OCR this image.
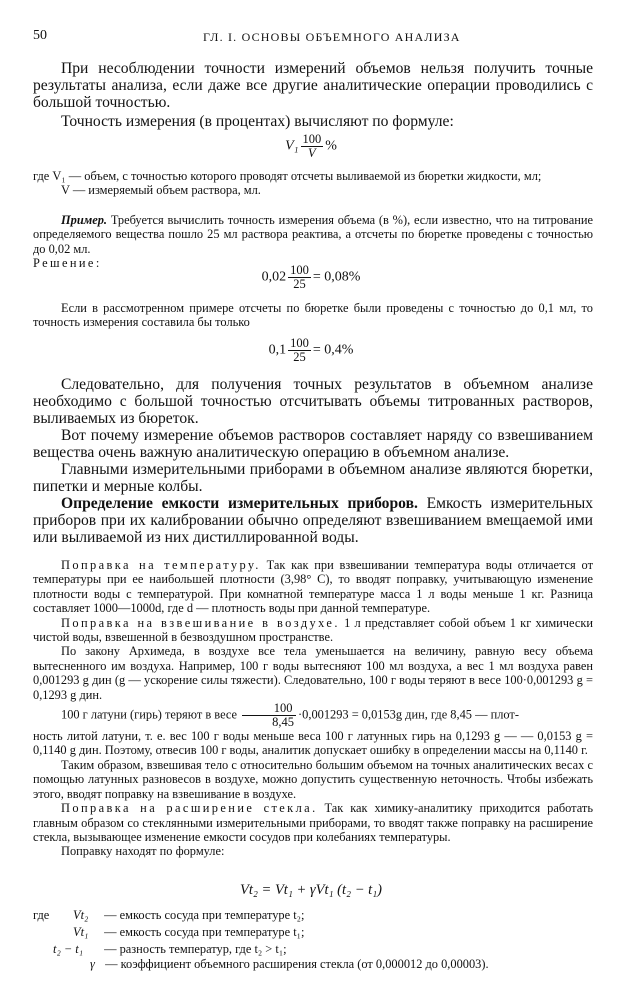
50	ГЛ. I. ОСНОВЫ ОБЪЕМНОГО АНАЛИЗА

При несоблюдении точности измерений объемов нельзя получить точные результаты анализа, если даже все другие аналитические операции проводились с большой точностью.

Точность измерения (в процентах) вычисляют по формуле:

$V_1 \frac{100}{V}$ %

где V₁ — объем, с точностью которого проводят отсчеты выливаемой из бюретки жидкости, мл;

V — измеряемый объем раствора, мл.

Пример. Требуется вычислить точность измерения объема (в %), если известно, что на титрование определяемого вещества пошло 25 мл раствора реактива, а отсчеты по бюретке проведены с точностью до 0,02 мл.

Решение:

$0,02 \frac{100}{25} = 0,08\%$

Если в рассмотренном примере отсчеты по бюретке были проведены с точностью до 0,1 мл, то точность измерения составила бы только

$0,1 \frac{100}{25} = 0,4\%$

Следовательно, для получения точных результатов в объемном анализе необходимо с большой точностью отсчитывать объемы титрованных растворов, выливаемых из бюреток.

Вот почему измерение объемов растворов составляет наряду со взвешиванием вещества очень важную аналитическую операцию в объемном анализе.

Главными измерительными приборами в объемном анализе являются бюретки, пипетки и мерные колбы.

Определение емкости измерительных приборов. Емкость измерительных приборов при их калибровании обычно определяют взвешиванием вмещаемой ими или выливаемой из них дистиллированной воды.

Поправка на температуру. Так как при взвешивании температура воды отличается от температуры при ее наибольшей плотности (3,98° С), то вводят поправку, учитывающую изменение плотности воды с температурой. При комнатной температуре масса 1 л воды меньше 1 кг. Разница составляет 1000—1000d, где d — плотность воды при данной температуре.

Поправка на взвешивание в воздухе. 1 л представляет собой объем 1 кг химически чистой воды, взвешенной в безвоздушном пространстве.

По закону Архимеда, в воздухе все тела уменьшается на величину, равную весу объема вытесненного им воздуха. Например, 100 г воды вытесняют 100 мл воздуха, а вес 1 мл воздуха равен 0,001293 g дин (g — ускорение силы тяжести). Следовательно, 100 г воды теряют в весе 100·0,001293 g = 0,1293 g дин.

100 г латуни (гирь) теряют в весе $\frac{100}{8,45} \cdot 0,001293 = 0,0153g$ дин, где 8,45 — плот-

ность литой латуни, т. е. вес 100 г воды меньше веса 100 г латунных гирь на 0,1293 g — — 0,0153 g = 0,1140 g дин. Поэтому, отвесив 100 г воды, аналитик допускает ошибку в определении массы на 0,1140 г.

Таким образом, взвешивая тело с относительно большим объемом на точных аналитических весах с помощью латунных разновесов в воздухе, можно допустить существенную неточность. Чтобы избежать этого, вводят поправку на взвешивание в воздухе.

Поправка на расширение стекла. Так как химику-аналитику приходится работать главным образом со стеклянными измерительными приборами, то вводят также поправку на расширение стекла, вызывающее изменение емкости сосудов при колебаниях температуры.

Поправку находят по формуле:

Vt₂ = Vt₁ + γVt₁ (t₂ − t₁)
где Vt₂ — емкость сосуда при температуре t₂;
Vt₁ — емкость сосуда при температуре t₁;
t₂ − t₁ — разность температур, где t₂ > t₁;
γ — коэффициент объемного расширения стекла (от 0,000012 до 0,00003).
